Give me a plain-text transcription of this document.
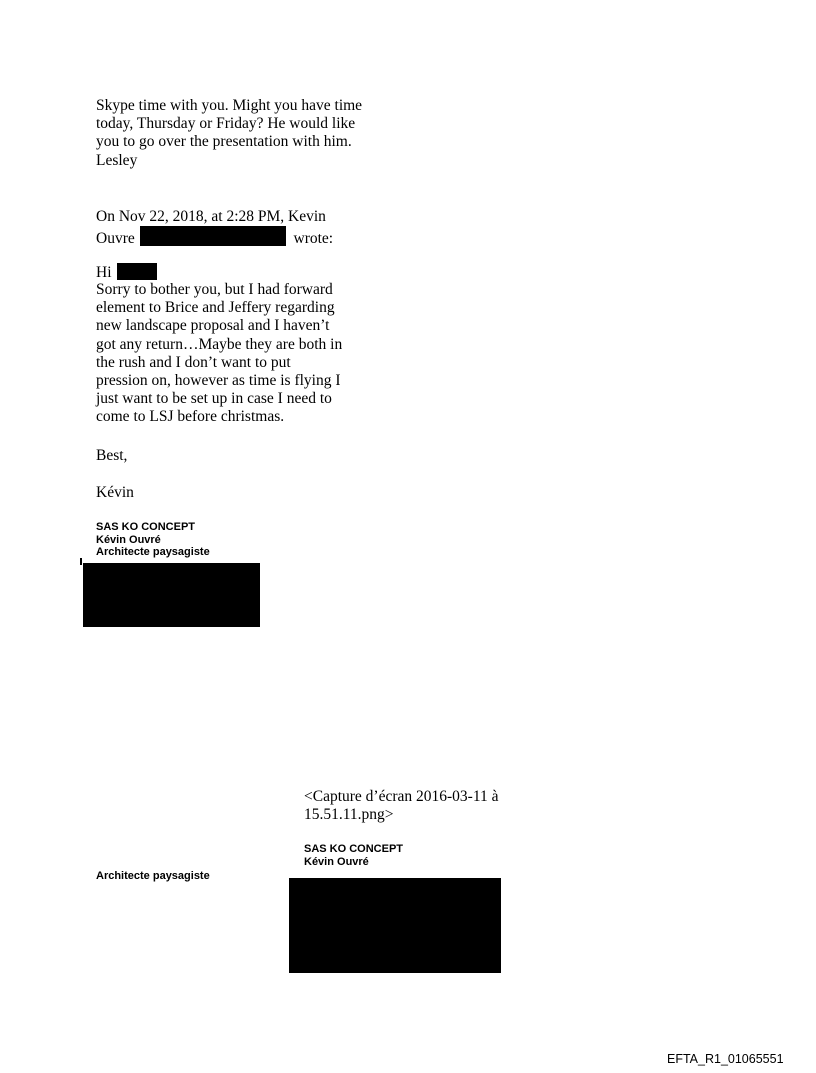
Skype time with you. Might you have time
today, Thursday or Friday? He would like
you to go over the presentation with him.
Lesley
On Nov 22, 2018, at 2:28 PM, Kevin
Ouvre	wrote:
Hi
Sorry to bother you, but I had forward
element to Brice and Jeffery regarding
new landscape proposal and I haven’t
got any return…Maybe they are both in
the rush and I don’t want to put
pression on, however as time is flying I
just want to be set up in case I need to
come to LSJ before christmas.
Best,
Kévin
SAS KO CONCEPT
Kévin Ouvré
Architecte paysagiste
<Capture d’écran 2016-03-11 à
15.51.11.png>
SAS KO CONCEPT
Kévin Ouvré
Architecte paysagiste
EFTA_R1_01065551
